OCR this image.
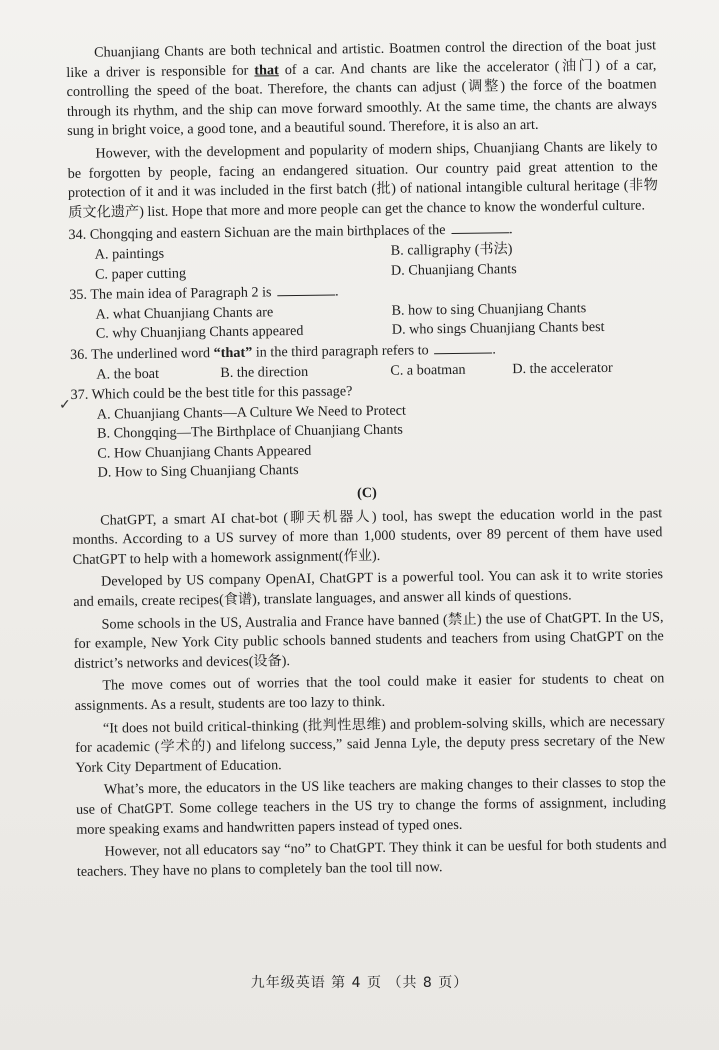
Chuanjiang Chants are both technical and artistic. Boatmen control the direction of the boat just like a driver is responsible for that of a car. And chants are like the accelerator (油门) of a car, controlling the speed of the boat. Therefore, the chants can adjust (调整) the force of the boatmen through its rhythm, and the ship can move forward smoothly. At the same time, the chants are always sung in bright voice, a good tone, and a beautiful sound. Therefore, it is also an art.

However, with the development and popularity of modern ships, Chuanjiang Chants are likely to be forgotten by people, facing an endangered situation. Our country paid great attention to the protection of it and it was included in the first batch (批) of national intangible cultural heritage (非物质文化遗产) list. Hope that more and more people can get the chance to know the wonderful culture.

34. Chongqing and eastern Sichuan are the main birthplaces of the	.
A. paintings	B. calligraphy (书法)
C. paper cutting	D. Chuanjiang Chants
35. The main idea of Paragraph 2 is	.
A. what Chuanjiang Chants are	B. how to sing Chuanjiang Chants
C. why Chuanjiang Chants appeared	D. who sings Chuanjiang Chants best
36. The underlined word “that” in the third paragraph refers to	.
A. the boat	B. the direction	C. a boatman	D. the accelerator
37. Which could be the best title for this passage?
A. Chuanjiang Chants—A Culture We Need to Protect
B. Chongqing—The Birthplace of Chuanjiang Chants
C. How Chuanjiang Chants Appeared
D. How to Sing Chuanjiang Chants
(C)

ChatGPT, a smart AI chat-bot (聊天机器人) tool, has swept the education world in the past months. According to a US survey of more than 1,000 students, over 89 percent of them have used ChatGPT to help with a homework assignment(作业).

Developed by US company OpenAI, ChatGPT is a powerful tool. You can ask it to write stories and emails, create recipes(食谱), translate languages, and answer all kinds of questions.

Some schools in the US, Australia and France have banned (禁止) the use of ChatGPT. In the US, for example, New York City public schools banned students and teachers from using ChatGPT on the district’s networks and devices(设备).

The move comes out of worries that the tool could make it easier for students to cheat on assignments. As a result, students are too lazy to think.

“It does not build critical-thinking (批判性思维) and problem-solving skills, which are necessary for academic (学术的) and lifelong success,” said Jenna Lyle, the deputy press secretary of the New York City Department of Education.

What’s more, the educators in the US like teachers are making changes to their classes to stop the use of ChatGPT. Some college teachers in the US try to change the forms of assignment, including more speaking exams and handwritten papers instead of typed ones.

However, not all educators say “no” to ChatGPT. They think it can be uesful for both students and teachers. They have no plans to completely ban the tool till now.

✓
九年级英语 第 4 页 （共 8 页）
